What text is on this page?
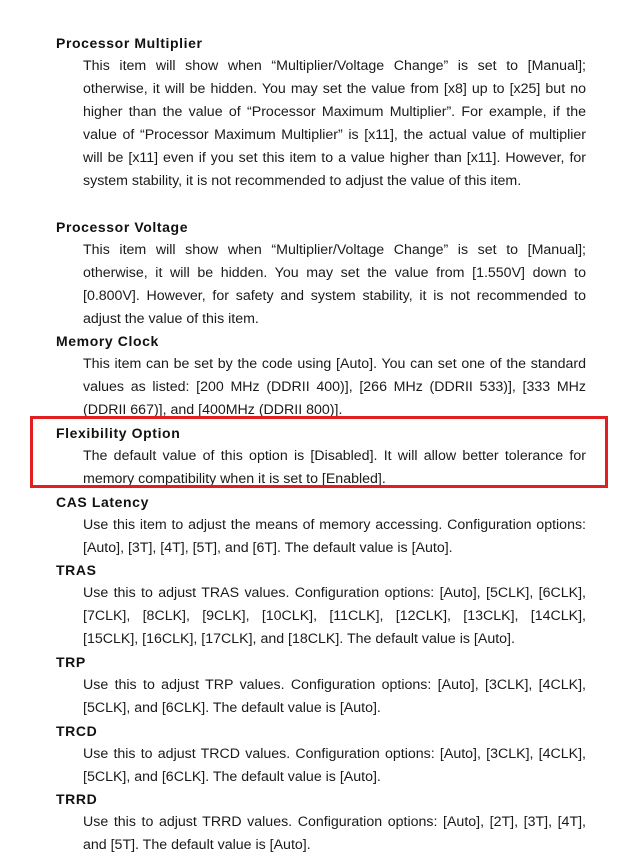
Processor Multiplier
This item will show when “Multiplier/Voltage Change” is set to [Manual]; otherwise, it will be hidden. You may set the value from [x8] up to [x25] but no higher than the value of “Processor Maximum Multiplier”. For example, if the value of “Processor Maximum Multiplier” is [x11], the actual value of multiplier will be [x11] even if you set this item to a value higher than [x11]. However, for system stability, it is not recommended to adjust the value of this item.
Processor Voltage
This item will show when “Multiplier/Voltage Change” is set to [Manual]; otherwise, it will be hidden. You may set the value from [1.550V] down to [0.800V]. However, for safety and system stability, it is not recommended to adjust the value of this item.
Memory Clock
This item can be set by the code using [Auto]. You can set one of the standard values as listed: [200 MHz (DDRII 400)], [266 MHz (DDRII 533)], [333 MHz (DDRII 667)], and [400MHz (DDRII 800)].
Flexibility Option
The default value of this option is [Disabled]. It will allow better tolerance for memory compatibility when it is set to [Enabled].
CAS Latency
Use this item to adjust the means of memory accessing. Configuration options: [Auto], [3T], [4T], [5T], and [6T]. The default value is [Auto].
TRAS
Use this to adjust TRAS values. Configuration options: [Auto], [5CLK], [6CLK], [7CLK], [8CLK], [9CLK], [10CLK], [11CLK], [12CLK], [13CLK], [14CLK], [15CLK], [16CLK], [17CLK], and [18CLK]. The default value is [Auto].
TRP
Use this to adjust TRP values. Configuration options: [Auto], [3CLK], [4CLK], [5CLK], and [6CLK]. The default value is [Auto].
TRCD
Use this to adjust TRCD values. Configuration options: [Auto], [3CLK], [4CLK], [5CLK], and [6CLK]. The default value is [Auto].
TRRD
Use this to adjust TRRD values. Configuration options: [Auto], [2T], [3T], [4T], and [5T]. The default value is [Auto].
